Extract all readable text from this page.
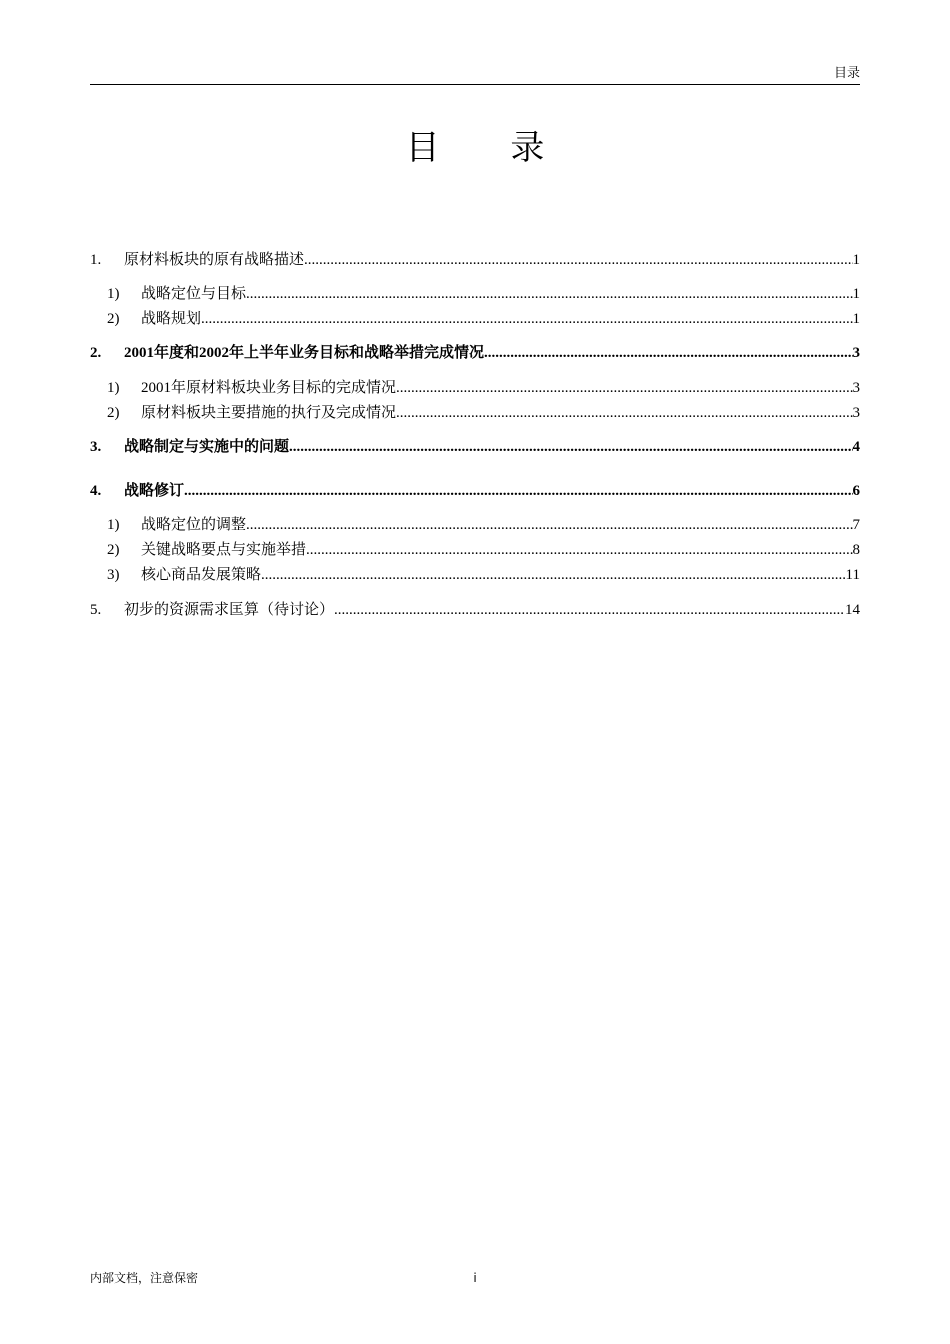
目录
目 录
1.	原材料板块的原有战略描述 .....	1
1)	战略定位与目标 .....	1
2)	战略规划 .....	1
2.	2001年度和2002年上半年业务目标和战略举措完成情况 .....	3
1)	2001年原材料板块业务目标的完成情况 .....	3
2)	原材料板块主要措施的执行及完成情况 .....	3
3.	战略制定与实施中的问题 .....	4
4.	战略修订 .....	6
1)	战略定位的调整 .....	7
2)	关键战略要点与实施举措 .....	8
3)	核心商品发展策略 .....	11
5.	初步的资源需求匡算（待讨论） .....	14
内部文档，注意保密	i
